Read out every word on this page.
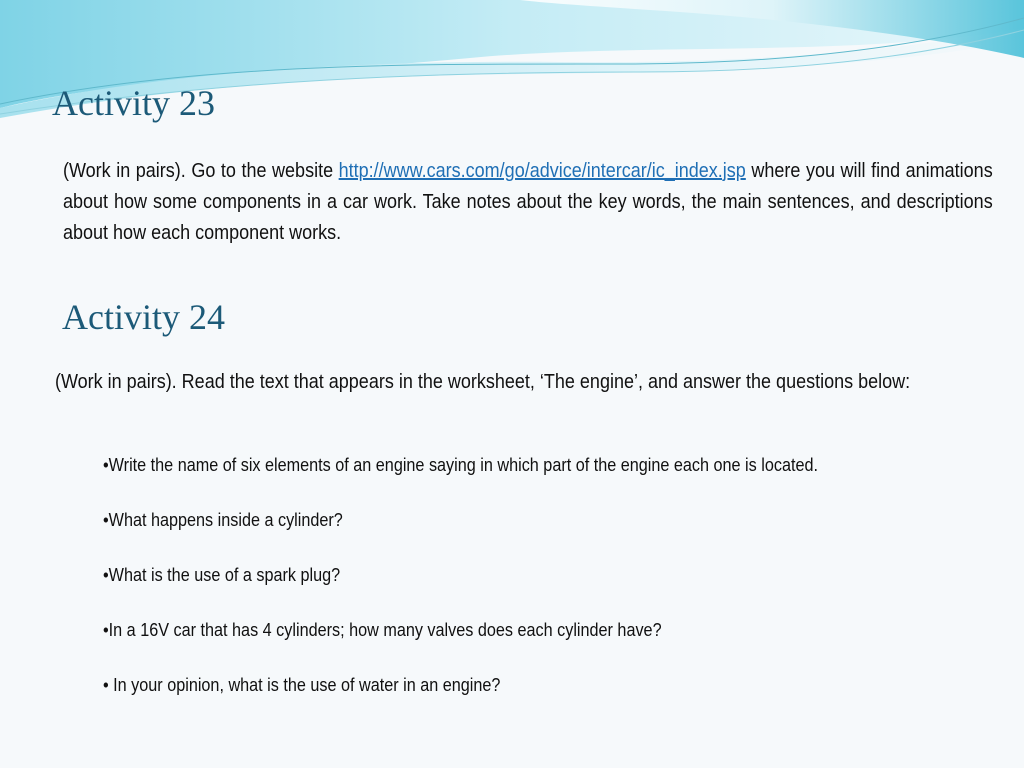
Activity 23

(Work in pairs). Go to the website http://www.cars.com/go/advice/intercar/ic_index.jsp where you will find animations about how some components in a car work. Take notes about the key words, the main sentences, and descriptions about how each component works.

Activity 24

(Work in pairs). Read the text that appears in the worksheet, ‘The engine’, and answer the questions below:

•Write the name of six elements of an engine saying in which part of the engine each one is located.
•What happens inside a cylinder?
•What is the use of a spark plug?
•In a 16V car that has 4 cylinders; how many valves does each cylinder have?
• In your opinion, what is the use of water in an engine?
